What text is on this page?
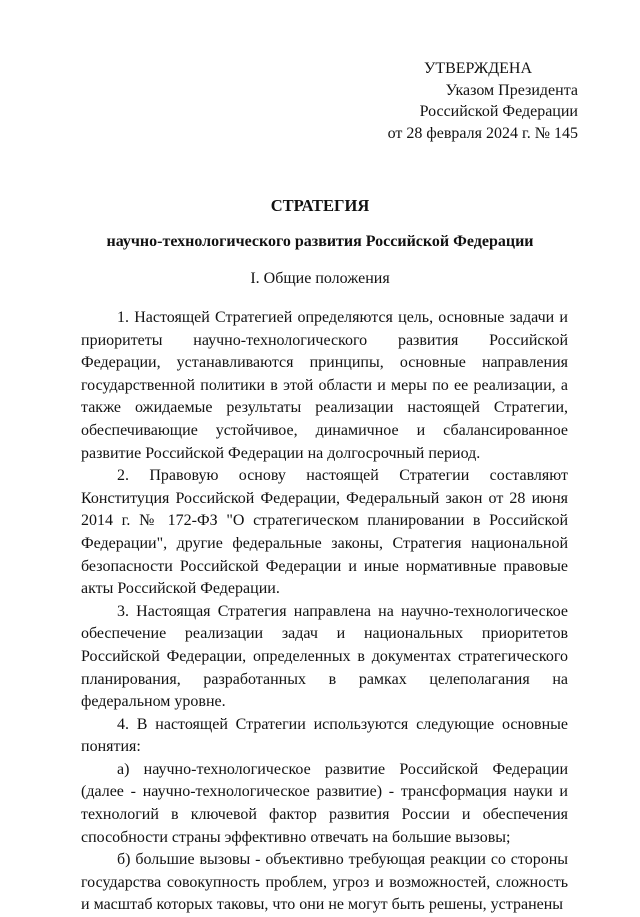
УТВЕРЖДЕНА
Указом Президента
Российской Федерации
от 28 февраля 2024 г. № 145

СТРАТЕГИЯ

научно-технологического развития Российской Федерации

I. Общие положения

1. Настоящей Стратегией определяются цель, основные задачи и приоритеты научно-технологического развития Российской Федерации, устанавливаются принципы, основные направления государственной политики в этой области и меры по ее реализации, а также ожидаемые результаты реализации настоящей Стратегии, обеспечивающие устойчивое, динамичное и сбалансированное развитие Российской Федерации на долгосрочный период.

2. Правовую основу настоящей Стратегии составляют Конституция Российской Федерации, Федеральный закон от 28 июня 2014 г. № 172-ФЗ "О стратегическом планировании в Российской Федерации", другие федеральные законы, Стратегия национальной безопасности Российской Федерации и иные нормативные правовые акты Российской Федерации.

3. Настоящая Стратегия направлена на научно-технологическое обеспечение реализации задач и национальных приоритетов Российской Федерации, определенных в документах стратегического планирования, разработанных в рамках целеполагания на федеральном уровне.

4. В настоящей Стратегии используются следующие основные понятия:

а) научно-технологическое развитие Российской Федерации (далее - научно-технологическое развитие) - трансформация науки и технологий в ключевой фактор развития России и обеспечения способности страны эффективно отвечать на большие вызовы;

б) большие вызовы - объективно требующая реакции со стороны государства совокупность проблем, угроз и возможностей, сложность и масштаб которых таковы, что они не могут быть решены, устранены
